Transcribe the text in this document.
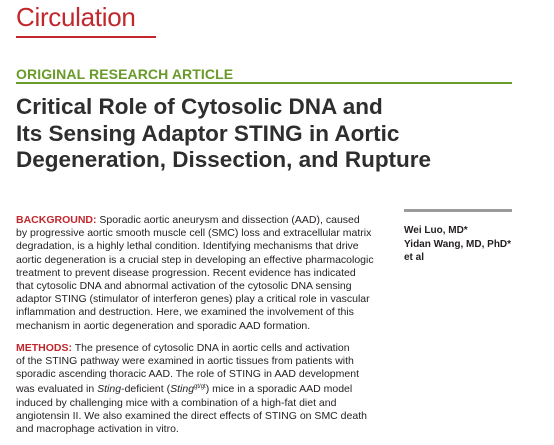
Circulation
ORIGINAL RESEARCH ARTICLE
Critical Role of Cytosolic DNA and
Its Sensing Adaptor STING in Aortic
Degeneration, Dissection, and Rupture

BACKGROUND: Sporadic aortic aneurysm and dissection (AAD), caused
by progressive aortic smooth muscle cell (SMC) loss and extracellular matrix
degradation, is a highly lethal condition. Identifying mechanisms that drive
aortic degeneration is a crucial step in developing an effective pharmacologic
treatment to prevent disease progression. Recent evidence has indicated
that cytosolic DNA and abnormal activation of the cytosolic DNA sensing
adaptor STING (stimulator of interferon genes) play a critical role in vascular
inflammation and destruction. Here, we examined the involvement of this
mechanism in aortic degeneration and sporadic AAD formation.

METHODS: The presence of cytosolic DNA in aortic cells and activation
of the STING pathway were examined in aortic tissues from patients with
sporadic ascending thoracic AAD. The role of STING in AAD development
was evaluated in Sting-deficient (Sting$^{gt/gt}$) mice in a sporadic AAD model
induced by challenging mice with a combination of a high-fat diet and
angiotensin II. We also examined the direct effects of STING on SMC death
and macrophage activation in vitro.

Wei Luo, MD*
Yidan Wang, MD, PhD*
et al
